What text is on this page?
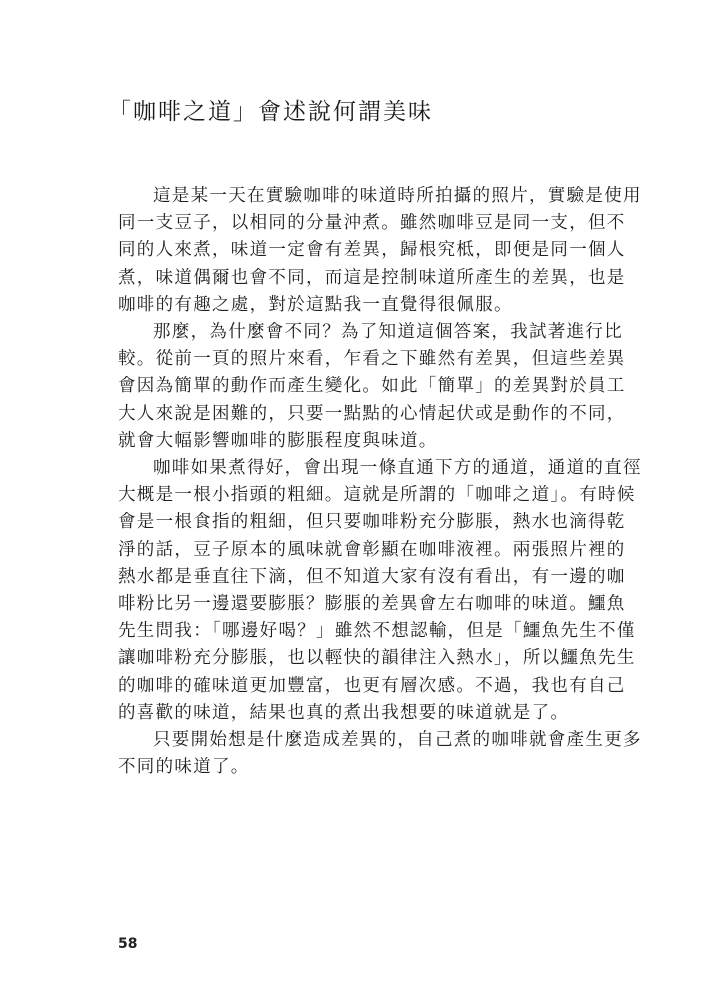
「咖啡之道」會述說何謂美味
這是某一天在實驗咖啡的味道時所拍攝的照片，實驗是使用
同一支豆子，以相同的分量沖煮。雖然咖啡豆是同一支，但不
同的人來煮，味道一定會有差異，歸根究柢，即便是同一個人
煮，味道偶爾也會不同，而這是控制味道所產生的差異，也是
咖啡的有趣之處，對於這點我一直覺得很佩服。
那麼，為什麼會不同？為了知道這個答案，我試著進行比
較。從前一頁的照片來看，乍看之下雖然有差異，但這些差異
會因為簡單的動作而產生變化。如此「簡單」的差異對於員工
大人來說是困難的，只要一點點的心情起伏或是動作的不同，
就會大幅影響咖啡的膨脹程度與味道。
咖啡如果煮得好，會出現一條直通下方的通道，通道的直徑
大概是一根小指頭的粗細。這就是所謂的「咖啡之道」。有時候
會是一根食指的粗細，但只要咖啡粉充分膨脹，熱水也滴得乾
淨的話，豆子原本的風味就會彰顯在咖啡液裡。兩張照片裡的
熱水都是垂直往下滴，但不知道大家有沒有看出，有一邊的咖
啡粉比另一邊還要膨脹？膨脹的差異會左右咖啡的味道。鱷魚
先生問我：「哪邊好喝？」雖然不想認輸，但是「鱷魚先生不僅
讓咖啡粉充分膨脹，也以輕快的韻律注入熱水」，所以鱷魚先生
的咖啡的確味道更加豐富，也更有層次感。不過，我也有自己
的喜歡的味道，結果也真的煮出我想要的味道就是了。
只要開始想是什麼造成差異的，自己煮的咖啡就會產生更多
不同的味道了。
58
